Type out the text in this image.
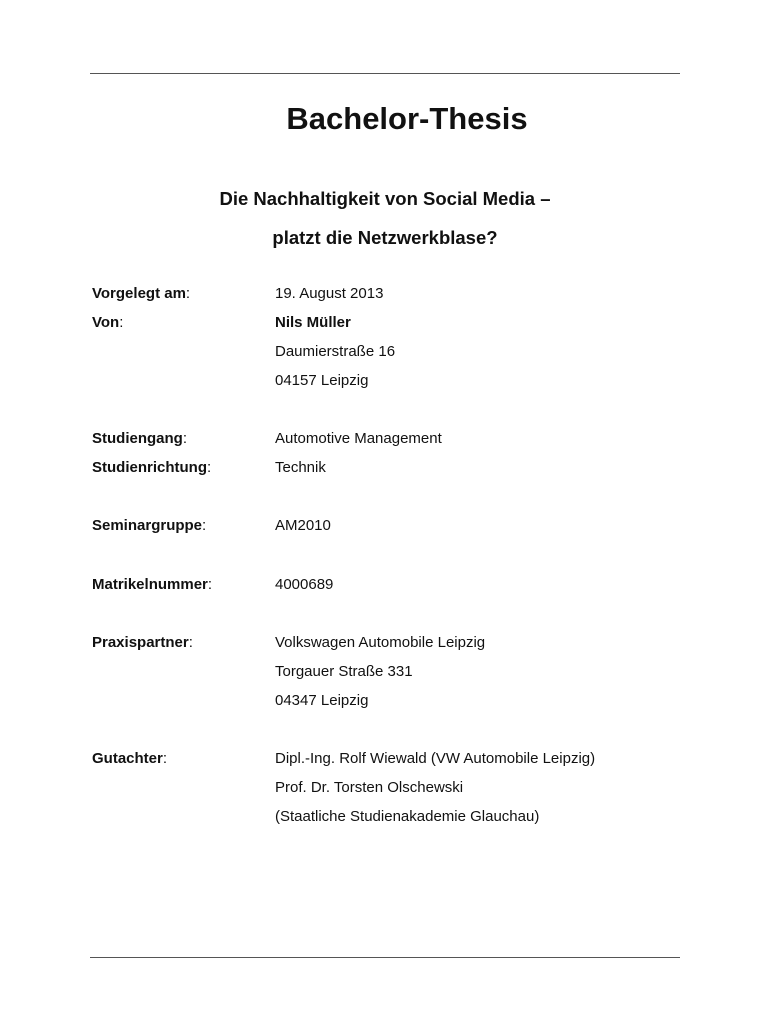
Bachelor-Thesis
Die Nachhaltigkeit von Social Media –
platzt die Netzwerkblase?
Vorgelegt am:	19. August 2013
Von:	Nils Müller
Daumierstraße 16
04157 Leipzig
Studiengang:	Automotive Management
Studienrichtung:	Technik
Seminargruppe:	AM2010
Matrikelnummer:	4000689
Praxispartner:	Volkswagen Automobile Leipzig
Torgauer Straße 331
04347 Leipzig
Gutachter:	Dipl.-Ing. Rolf Wiewald (VW Automobile Leipzig)
Prof. Dr. Torsten Olschewski
(Staatliche Studienakademie Glauchau)
